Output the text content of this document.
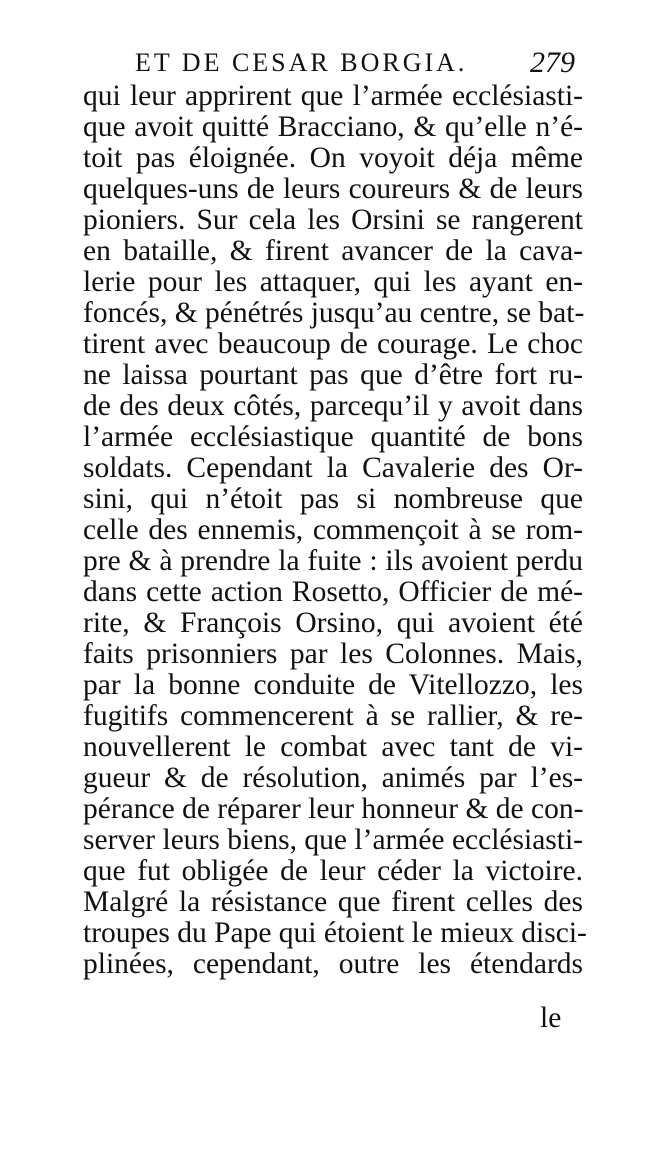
ET DE CESAR BORGIA. 279
qui leur apprirent que l’armée ecclésiasti-
que avoit quitté Bracciano, & qu’elle n’é-
toit pas éloignée. On voyoit déja même
quelques-uns de leurs coureurs & de leurs
pioniers. Sur cela les Orsini se rangerent
en bataille, & firent avancer de la cava-
lerie pour les attaquer, qui les ayant en-
foncés, & pénétrés jusqu’au centre, se bat-
tirent avec beaucoup de courage. Le choc
ne laissa pourtant pas que d’être fort ru-
de des deux côtés, parcequ’il y avoit dans
l’armée ecclésiastique quantité de bons
soldats. Cependant la Cavalerie des Or-
sini, qui n’étoit pas si nombreuse que
celle des ennemis, commençoit à se rom-
pre & à prendre la fuite : ils avoient perdu
dans cette action Rosetto, Officier de mé-
rite, & François Orsino, qui avoient été
faits prisonniers par les Colonnes. Mais,
par la bonne conduite de Vitellozzo, les
fugitifs commencerent à se rallier, & re-
nouvellerent le combat avec tant de vi-
gueur & de résolution, animés par l’es-
pérance de réparer leur honneur & de con-
server leurs biens, que l’armée ecclésiasti-
que fut obligée de leur céder la victoire.
Malgré la résistance que firent celles des
troupes du Pape qui étoient le mieux disci-
plinées, cependant, outre les étendards
le
